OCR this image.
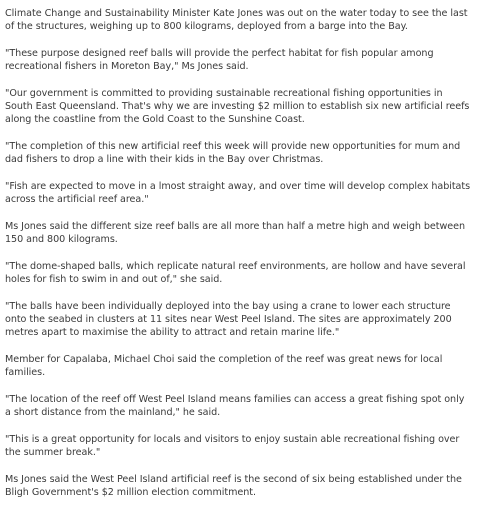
Climate Change and Sustainability Minister Kate Jones was out on the water today to see the last of the structures, weighing up to 800 kilograms, deployed from a barge into the Bay.

"These purpose designed reef balls will provide the perfect habitat for fish popular among recreational fishers in Moreton Bay," Ms Jones said.

"Our government is committed to providing sustainable recreational fishing opportunities in South East Queensland. That's why we are investing $2 million to establish six new artificial reefs along the coastline from the Gold Coast to the Sunshine Coast.

"The completion of this new artificial reef this week will provide new opportunities for mum and dad fishers to drop a line with their kids in the Bay over Christmas.

"Fish are expected to move in a lmost straight away, and over time will develop complex habitats across the artificial reef area."

Ms Jones said the different size reef balls are all more than half a metre high and weigh between 150 and 800 kilograms.

"The dome-shaped balls, which replicate natural reef environments, are hollow and have several holes for fish to swim in and out of," she said.

"The balls have been individually deployed into the bay using a crane to lower each structure onto the seabed in clusters at 11 sites near West Peel Island. The sites are approximately 200 metres apart to maximise the ability to attract and retain marine life."

Member for Capalaba, Michael Choi said the completion of the reef was great news for local families.

"The location of the reef off West Peel Island means families can access a great fishing spot only a short distance from the mainland," he said.

"This is a great opportunity for locals and visitors to enjoy sustain able recreational fishing over the summer break."

Ms Jones said the West Peel Island artificial reef is the second of six being established under the Bligh Government's $2 million election commitment.
